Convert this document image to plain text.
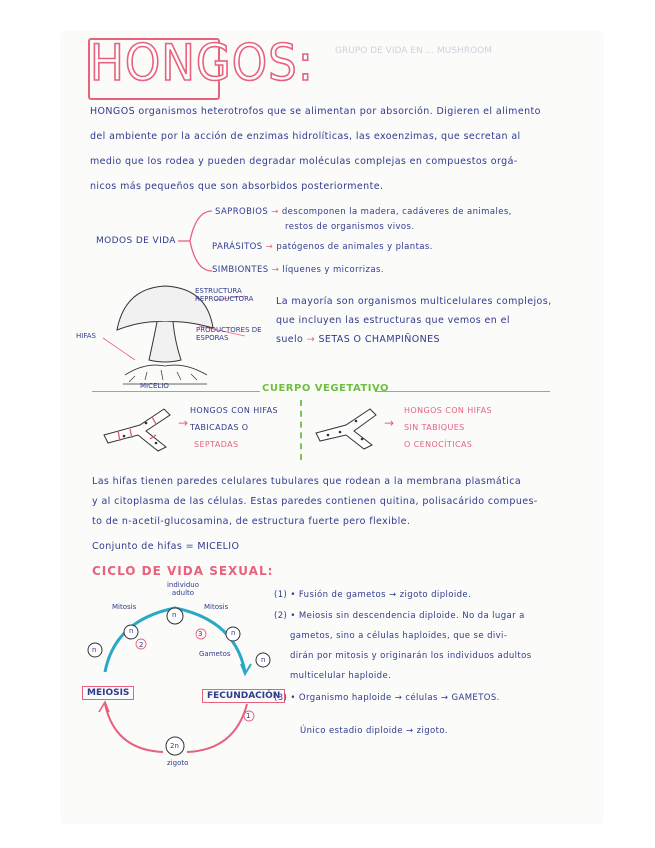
HONGOS: GRUPO DE VIDA EN ... MUSHROOM
HONGOS organismos heterotrofos que se alimentan por absorción. Digieren el alimento
del ambiente por la acción de enzimas hidrolíticas, las exoenzimas, que secretan al
medio que los rodea y pueden degradar moléculas complejas en compuestos orgá-
nicos más pequeños que son absorbidos posteriormente.
MODOS DE VIDA
SAPROBIOS → descomponen la madera, cadáveres de animales,
restos de organismos vivos.
PARÁSITOS → patógenos de animales y plantas.
SIMBIONTES → líquenes y micorrizas.
ESTRUCTURA REPRODUCTORA
PRODUCTORES DE ESPORAS
HIFAS
MICELIO
La mayoría son organismos multicelulares complejos,
que incluyen las estructuras que vemos en el
suelo → SETAS O CHAMPIÑONES
CUERPO VEGETATIVO
→
HONGOS CON HIFAS
TABICADAS O
SEPTADAS
→
HONGOS CON HIFAS
SIN TABIQUES
O CENOCÍTICAS
Las hifas tienen paredes celulares tubulares que rodean a la membrana plasmática
y al citoplasma de las células. Estas paredes contienen quitina, polisacárido compues-
to de n-acetil-glucosamina, de estructura fuerte pero flexible.
Conjunto de hifas = MICELIO
CICLO DE VIDA SEXUAL:
individuo adulto
Mitosis	Mitosis
Gametos
n
n
n	n
n
3
2
1
MEIOSIS	FECUNDACIÓN
2n
zigoto
(1) • Fusión de gametos → zigoto diploide.
(2) • Meiosis sin descendencia diploide. No da lugar a
gametos, sino a células haploides, que se divi-
dirán por mitosis y originarán los individuos adultos
multicelular haploide.
(3) • Organismo haploide → células → GAMETOS.
Único estadio diploide → zigoto.
